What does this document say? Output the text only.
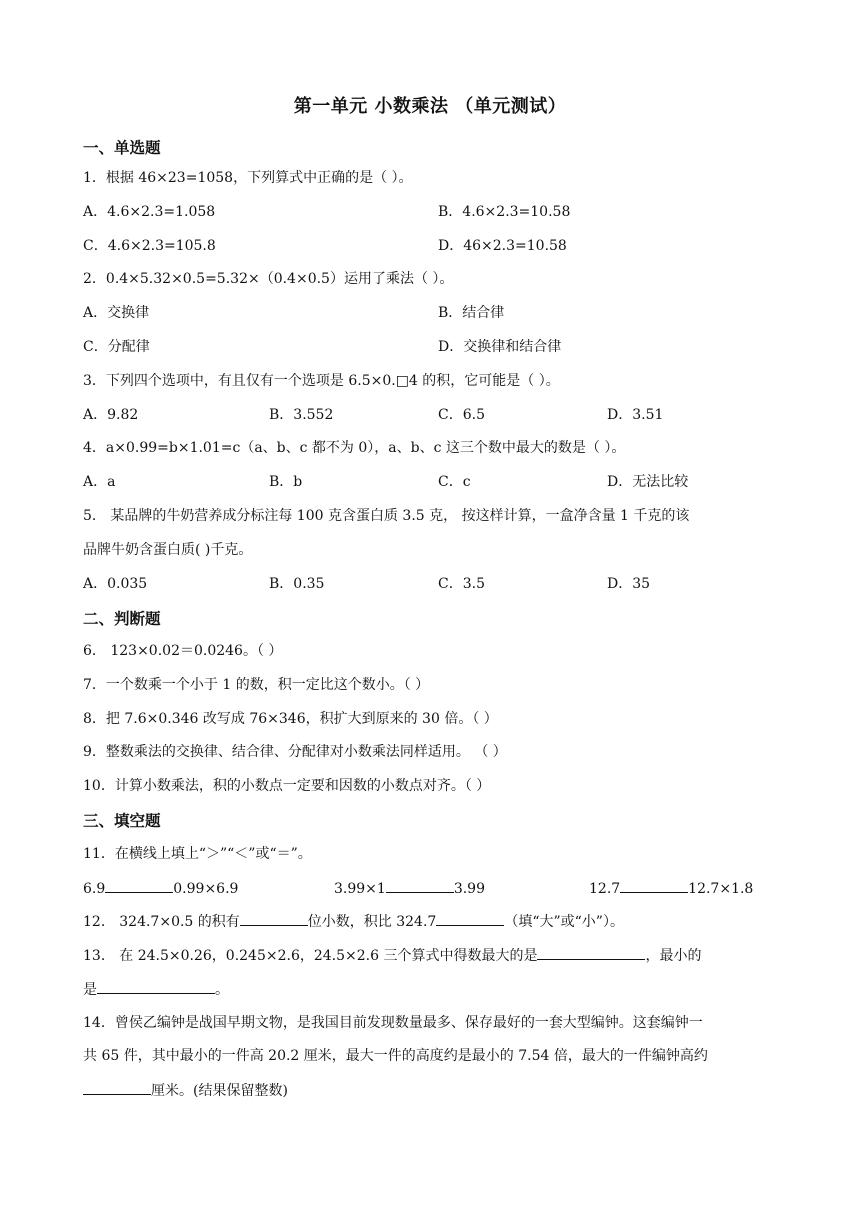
第一单元 小数乘法 （单元测试）
一、单选题
1．根据 46×23=1058，下列算式中正确的是（ ）。
A．4.6×2.3=1.058	B．4.6×2.3=10.58
C．4.6×2.3=105.8	D．46×2.3=10.58
2．0.4×5.32×0.5=5.32×（0.4×0.5）运用了乘法（ ）。
A．交换律	B．结合律
C．分配律	D．交换律和结合律
3．下列四个选项中，有且仅有一个选项是 6.5×0.□4 的积，它可能是（ ）。
A．9.82	B．3.552	C．6.5	D．3.51
4．a×0.99=b×1.01=c（a、b、c 都不为 0），a、b、c 这三个数中最大的数是（ ）。
A．a	B．b	C．c	D．无法比较
5． 某品牌的牛奶营养成分标注每 100 克含蛋白质 3.5 克， 按这样计算，一盒净含量 1 千克的该
品牌牛奶含蛋白质( )千克。
A．0.035	B．0.35	C．3.5	D．35
二、判断题
6． 123×0.02＝0.0246。（ ）
7．一个数乘一个小于 1 的数，积一定比这个数小。（ ）
8．把 7.6×0.346 改写成 76×346，积扩大到原来的 30 倍。（ ）
9．整数乘法的交换律、结合律、分配律对小数乘法同样适用。 （ ）
10．计算小数乘法，积的小数点一定要和因数的小数点对齐。（ ）
三、填空题
11．在横线上填上“＞”“＜”或“＝”。
6.9	0.99×6.9	3.99×1	3.99	12.7	12.7×1.8
12． 324.7×0.5 的积有	位小数，积比 324.7	（填“大”或“小”）。
13． 在 24.5×0.26，0.245×2.6，24.5×2.6 三个算式中得数最大的是	，最小的
是	。
14．曾侯乙编钟是战国早期文物，是我国目前发现数量最多、保存最好的一套大型编钟。这套编钟一
共 65 件，其中最小的一件高 20.2 厘米，最大一件的高度约是最小的 7.54 倍，最大的一件编钟高约
厘米。(结果保留整数)
